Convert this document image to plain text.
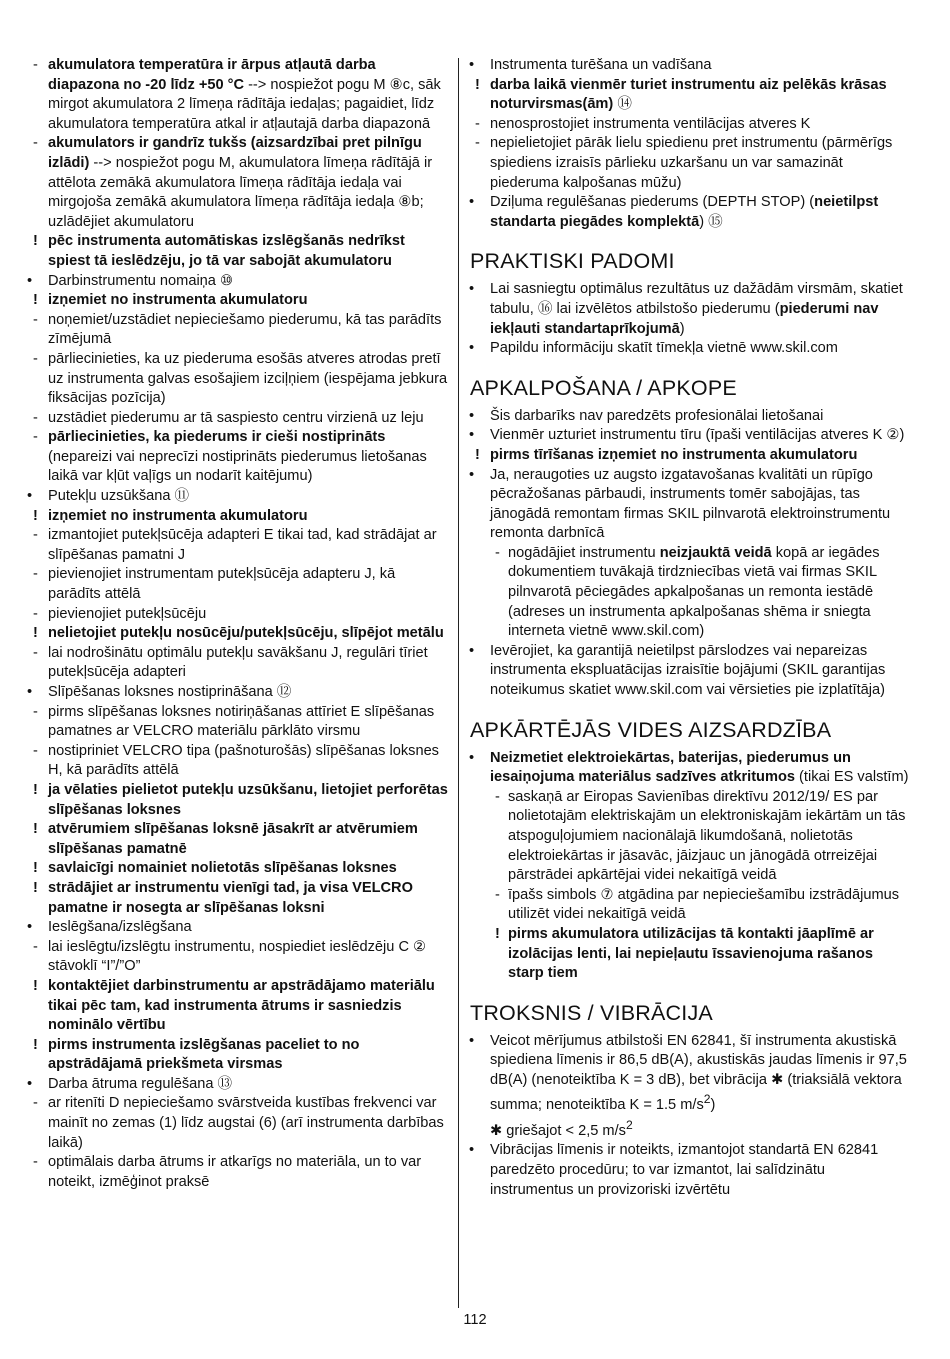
- akumulatora temperatūra ir ārpus atļautā darba diapazona no -20 līdz +50 °C --> nospiežot pogu M ⑧c, sāk mirgot akumulatora 2 līmeņa rādītāja iedaļas; pagaidiet, līdz akumulatora temperatūra atkal ir atļautajā darba diapazonā
- akumulators ir gandrīz tukšs (aizsardzībai pret pilnīgu izlādi) --> nospiežot pogu M, akumulatora līmeņa rādītājā ir attēlota zemākā akumulatora līmeņa rādītāja iedaļa vai mirgojoša zemākā akumulatora līmeņa rādītāja iedaļa ⑧b; uzlādējiet akumulatoru
! pēc instrumenta automātiskas izslēgšanās nedrīkst spiest tā ieslēdzēju, jo tā var sabojāt akumulatoru
• Darbinstrumentu nomaiņa ⑩
! izņemiet no instrumenta akumulatoru
- noņemiet/uzstādiet nepieciešamo piederumu, kā tas parādīts zīmējumā
- pārliecinieties, ka uz piederuma esošās atveres atrodas pretī uz instrumenta galvas esošajiem izciļņiem (iespējama jebkura fiksācijas pozīcija)
- uzstādiet piederumu ar tā saspiesto centru virzienā uz leju
- pārliecinieties, ka piederums ir cieši nostiprināts (nepareizi vai neprecīzi nostiprināts piederumus lietošanas laikā var kļūt vaļīgs un nodarīt kaitējumu)
• Putekļu uzsūkšana ⑪
! izņemiet no instrumenta akumulatoru
- izmantojiet putekļsūcēja adapteri E tikai tad, kad strādājat ar slīpēšanas pamatni J
- pievienojiet instrumentam putekļsūcēja adapteru J, kā parādīts attēlā
- pievienojiet putekļsūcēju
! nelietojiet putekļu nosūcēju/putekļsūcēju, slīpējot metālu
- lai nodrošinātu optimālu putekļu savākšanu J, regulāri tīriet putekļsūcēja adapteri
• Slīpēšanas loksnes nostiprināšana ⑫
- pirms slīpēšanas loksnes notiriņāšanas attīriet E slīpēšanas pamatnes ar VELCRO materiālu pārklāto virsmu
- nostipriniet VELCRO tipa (pašnoturošās) slīpēšanas loksnes H, kā parādīts attēlā
! ja vēlaties pielietot putekļu uzsūkšanu, lietojiet perforētas slīpēšanas loksnes
! atvērumiem slīpēšanas loksnē jāsakrīt ar atvērumiem slīpēšanas pamatnē
! savlaicīgi nomainiet nolietotās slīpēšanas loksnes
! strādājiet ar instrumentu vienīgi tad, ja visa VELCRO pamatne ir nosegta ar slīpēšanas loksni
• Ieslēgšana/izslēgšana
- lai ieslēgtu/izslēgtu instrumentu, nospiediet ieslēdzēju C ② stāvoklī “I”/”O”
! kontaktējiet darbinstrumentu ar apstrādājamo materiālu tikai pēc tam, kad instrumenta ātrums ir sasniedzis nominālo vērtību
! pirms instrumenta izslēgšanas paceliet to no apstrādājamā priekšmeta virsmas
• Darba ātruma regulēšana ⑬
- ar ritenīti D nepieciešamo svārstveida kustības frekvenci var mainīt no zemas (1) līdz augstai (6) (arī instrumenta darbības laikā)
- optimālais darba ātrums ir atkarīgs no materiāla, un to var noteikt, izmēģinot praksē
• Instrumenta turēšana un vadīšana
! darba laikā vienmēr turiet instrumentu aiz pelēkās krāsas noturvirsmas(ām) ⑭
- nenosprostojiet instrumenta ventilācijas atveres K
- nepielietojiet pārāk lielu spiedienu pret instrumentu (pārmērīgs spiediens izraisīs pārlieku uzkaršanu un var samazināt piederuma kalpošanas mūžu)
• Dziļuma regulēšanas piederums (DEPTH STOP) (neietilpst standarta piegādes komplektā) ⑮
PRAKTISKI PADOMI
• Lai sasniegtu optimālus rezultātus uz dažādām virsmām, skatiet tabulu, ⑯ lai izvēlētos atbilstošo piederumu (piederumi nav iekļauti standartaprīkojumā)
• Papildu informāciju skatīt tīmekļa vietnē www.skil.com
APKALPOŠANA / APKOPE
• Šis darbarīks nav paredzēts profesionālai lietošanai
• Vienmēr uzturiet instrumentu tīru (īpaši ventilācijas atveres K ②)
! pirms tīrīšanas izņemiet no instrumenta akumulatoru
• Ja, neraugoties uz augsto izgatavošanas kvalitāti un rūpīgo pēcražošanas pārbaudi, instruments tomēr sabojājas, tas jānogādā remontam firmas SKIL pilnvarotā elektroinstrumentu remonta darbnīcā
- nogādājiet instrumentu neizjauktā veidā kopā ar iegādes dokumentiem tuvākajā tirdzniecības vietā vai firmas SKIL pilnvarotā pēciegādes apkalpošanas un remonta iestādē (adreses un instrumenta apkalpošanas shēma ir sniegta interneta vietnē www.skil.com)
• Ievērojiet, ka garantijā neietilpst pārslodzes vai nepareizas instrumenta ekspluatācijas izraisītie bojājumi (SKIL garantijas noteikumus skatiet www.skil.com vai vērsieties pie izplatītāja)
APKĀRTĒJĀS VIDES AIZSARDZĪBA
• Neizmetiet elektroiekārtas, baterijas, piederumus un iesaiņojuma materiālus sadzīves atkritumos (tikai ES valstīm)
- saskaņā ar Eiropas Savienības direktīvu 2012/19/ ES par nolietotajām elektriskajām un elektroniskajām iekārtām un tās atspoguļojumiem nacionālajā likumdošanā, nolietotās elektroiekārtas ir jāsavāc, jāizjauc un jānogādā otrreizējai pārstrādei apkārtējai videi nekaitīgā veidā
- īpašs simbols ⑦ atgādina par nepieciešamību izstrādājumus utilizēt videi nekaitīgā veidā
! pirms akumulatora utilizācijas tā kontakti jāaplīmē ar izolācijas lenti, lai nepieļautu īssavienojuma rašanos starp tiem
TROKSNIS / VIBRĀCIJA
• Veicot mērījumus atbilstoši EN 62841, šī instrumenta akustiskā spiediena līmenis ir 86,5 dB(A), akustiskās jaudas līmenis ir 97,5 dB(A) (nenoteiktība K = 3 dB), bet vibrācija ✱ (triaksiālā vektora summa; nenoteiktība K = 1.5 $m/s^2$)
✱ griešajot < 2,5 $m/s^2$
• Vibrācijas līmenis ir noteikts, izmantojot standartā EN 62841 paredzēto procedūru; to var izmantot, lai salīdzinātu instrumentus un provizoriski izvērtētu
112
